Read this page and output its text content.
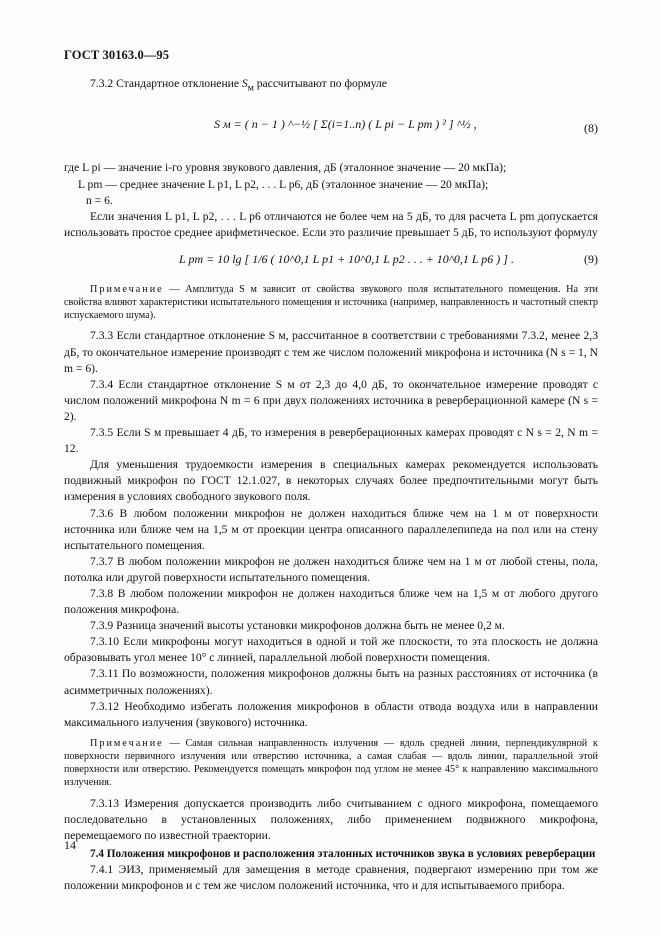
ГОСТ 30163.0—95

7.3.2 Стандартное отклонение $S_м$ рассчитывают по формуле

S м = ( n − 1 ) ^−½ [ Σ(i=1..n) ( L pi − L pm ) ² ] ^½ ,	(8)

где L pi — значение i-го уровня звукового давления, дБ (эталонное значение — 20 мкПа);

L pm — среднее значение L p1, L p2, . . . L p6, дБ (эталонное значение — 20 мкПа);

n = 6.

Если значения L p1, L p2, . . . L p6 отличаются не более чем на 5 дБ, то для расчета L pm допускается использовать простое среднее арифметическое. Если это различие превышает 5 дБ, то используют формулу

L pm = 10 lg [ 1/6 ( 10^0,1 L p1 + 10^0,1 L p2 . . . + 10^0,1 L p6 ) ] .	(9)

Примечание — Амплитуда S м зависит от свойства звукового поля испытательного помещения. На эти свойства влияют характеристики испытательного помещения и источника (например, направленность и частотный спектр испускаемого шума).

7.3.3 Если стандартное отклонение S м, рассчитанное в соответствии с требованиями 7.3.2, менее 2,3 дБ, то окончательное измерение производят с тем же числом положений микрофона и источника (N s = 1, N m = 6).

7.3.4 Если стандартное отклонение S м от 2,3 до 4,0 дБ, то окончательное измерение проводят с числом положений микрофона N m = 6 при двух положениях источника в реверберационной камере (N s = 2).

7.3.5 Если S м превышает 4 дБ, то измерения в реверберационных камерах проводят с N s = 2, N m = 12.

Для уменьшения трудоемкости измерения в специальных камерах рекомендуется использовать подвижный микрофон по ГОСТ 12.1.027, в некоторых случаях более предпочтительными могут быть измерения в условиях свободного звукового поля.

7.3.6 В любом положении микрофон не должен находиться ближе чем на 1 м от поверхности источника или ближе чем на 1,5 м от проекции центра описанного параллелепипеда на пол или на стену испытательного помещения.

7.3.7 В любом положении микрофон не должен находиться ближе чем на 1 м от любой стены, пола, потолка или другой поверхности испытательного помещения.

7.3.8 В любом положении микрофон не должен находиться ближе чем на 1,5 м от любого другого положения микрофона.

7.3.9 Разница значений высоты установки микрофонов должна быть не менее 0,2 м.

7.3.10 Если микрофоны могут находиться в одной и той же плоскости, то эта плоскость не должна образовывать угол менее 10° с линией, параллельной любой поверхности помещения.

7.3.11 По возможности, положения микрофонов должны быть на разных расстояниях от источника (в асимметричных положениях).

7.3.12 Необходимо избегать положения микрофонов в области отвода воздуха или в направлении максимального излучения (звукового) источника.

Примечание — Самая сильная направленность излучения — вдоль средней линии, перпендикулярной к поверхности первичного излучения или отверстию источника, а самая слабая — вдоль линии, параллельной этой поверхности или отверстию. Рекомендуется помещать микрофон под углом не менее 45° к направлению максимального излучения.

7.3.13 Измерения допускается производить либо считыванием с одного микрофона, помещаемого последовательно в установленных положениях, либо применением подвижного микрофона, перемещаемого по известной траектории.

7.4 Положения микрофонов и расположения эталонных источников звука в условиях реверберации

7.4.1 ЭИЗ, применяемый для замещения в методе сравнения, подвергают измерению при том же положении микрофонов и с тем же числом положений источника, что и для испытываемого прибора.

14
